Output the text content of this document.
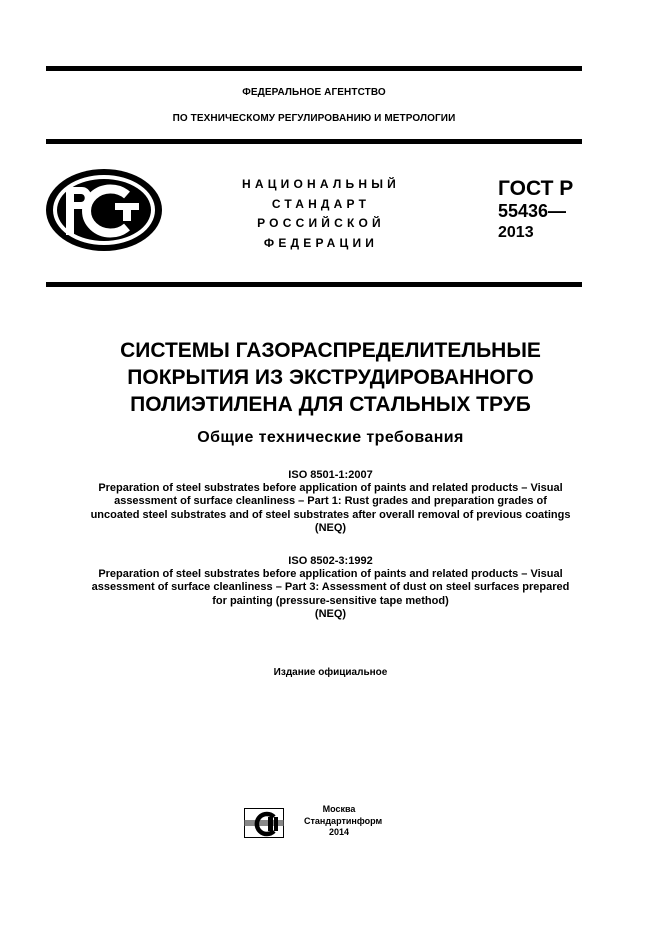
ФЕДЕРАЛЬНОЕ АГЕНТСТВО
ПО ТЕХНИЧЕСКОМУ РЕГУЛИРОВАНИЮ И МЕТРОЛОГИИ
НАЦИОНАЛЬНЫЙ
СТАНДАРТ
РОССИЙСКОЙ
ФЕДЕРАЦИИ
ГОСТ Р
55436—
2013
СИСТЕМЫ ГАЗОРАСПРЕДЕЛИТЕЛЬНЫЕ
ПОКРЫТИЯ ИЗ ЭКСТРУДИРОВАННОГО
ПОЛИЭТИЛЕНА ДЛЯ СТАЛЬНЫХ ТРУБ
Общие технические требования
ISO 8501-1:2007
Preparation of steel substrates before application of paints and related products – Visual
assessment of surface cleanliness – Part 1: Rust grades and preparation grades of
uncoated steel substrates and of steel substrates after overall removal of previous coatings
(NEQ)
ISO 8502-3:1992
Preparation of steel substrates before application of paints and related products – Visual
assessment of surface cleanliness – Part 3: Assessment of dust on steel surfaces prepared
for painting (pressure-sensitive tape method)
(NEQ)
Издание официальное
Москва
Стандартинформ
2014
